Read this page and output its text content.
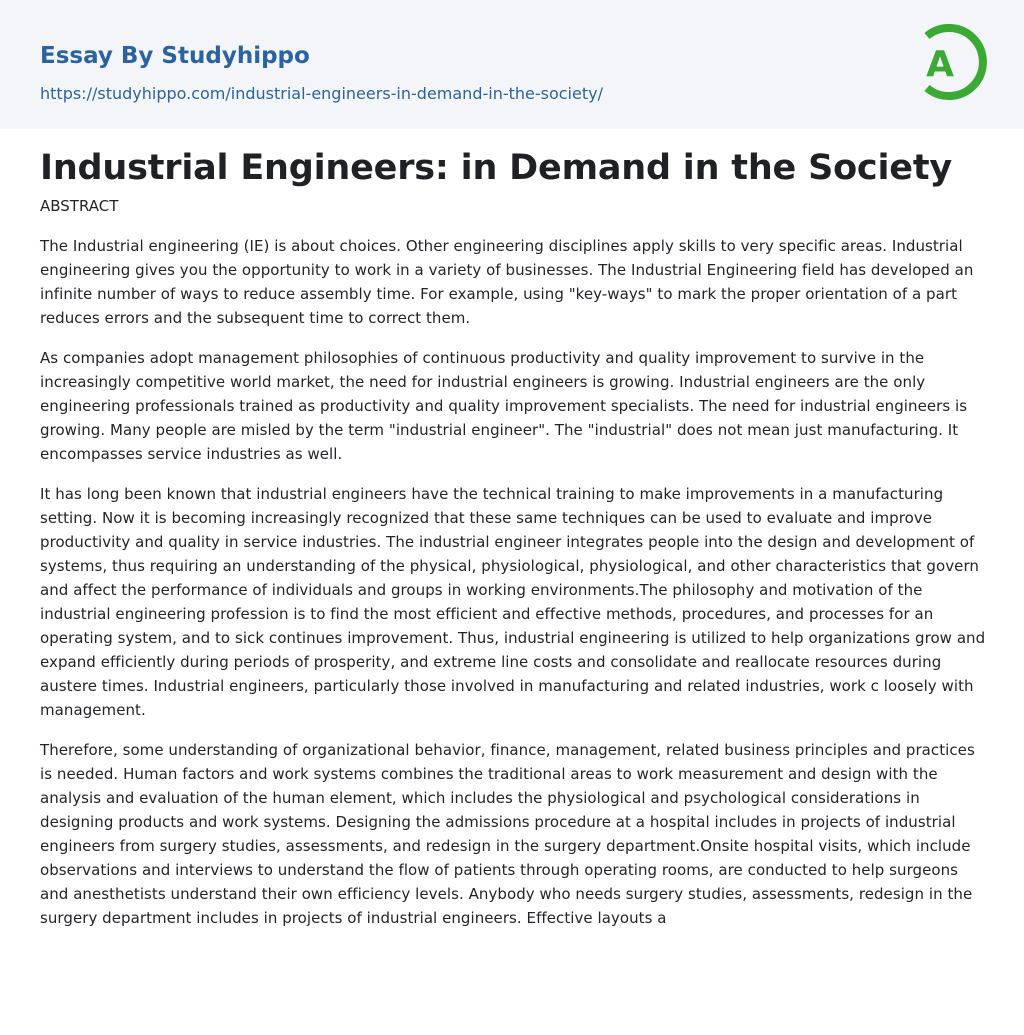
Essay By Studyhippo
https://studyhippo.com/industrial-engineers-in-demand-in-the-society/
A
Industrial Engineers: in Demand in the Society
ABSTRACT

The Industrial engineering (IE) is about choices. Other engineering disciplines apply skills to very specific areas. Industrial engineering gives you the opportunity to work in a variety of businesses. The Industrial Engineering field has developed an infinite number of ways to reduce assembly time. For example, using "key-ways" to mark the proper orientation of a part reduces errors and the subsequent time to correct them.

As companies adopt management philosophies of continuous productivity and quality improvement to survive in the increasingly competitive world market, the need for industrial engineers is growing. Industrial engineers are the only engineering professionals trained as productivity and quality improvement specialists. The need for industrial engineers is growing. Many people are misled by the term "industrial engineer". The "industrial" does not mean just manufacturing. It encompasses service industries as well.

It has long been known that industrial engineers have the technical training to make improvements in a manufacturing setting. Now it is becoming increasingly recognized that these same techniques can be used to evaluate and improve productivity and quality in service industries. The industrial engineer integrates people into the design and development of systems, thus requiring an understanding of the physical, physiological, physiological, and other characteristics that govern and affect the performance of individuals and groups in working environments.The philosophy and motivation of the industrial engineering profession is to find the most efficient and effective methods, procedures, and processes for an operating system, and to sick continues improvement. Thus, industrial engineering is utilized to help organizations grow and expand efficiently during periods of prosperity, and extreme line costs and consolidate and reallocate resources during austere times. Industrial engineers, particularly those involved in manufacturing and related industries, work c loosely with management.

Therefore, some understanding of organizational behavior, finance, management, related business principles and practices is needed. Human factors and work systems combines the traditional areas to work measurement and design with the analysis and evaluation of the human element, which includes the physiological and psychological considerations in designing products and work systems. Designing the admissions procedure at a hospital includes in projects of industrial engineers from surgery studies, assessments, and redesign in the surgery department.Onsite hospital visits, which include observations and interviews to understand the flow of patients through operating rooms, are conducted to help surgeons and anesthetists understand their own efficiency levels. Anybody who needs surgery studies, assessments, redesign in the surgery department includes in projects of industrial engineers. Effective layouts a
